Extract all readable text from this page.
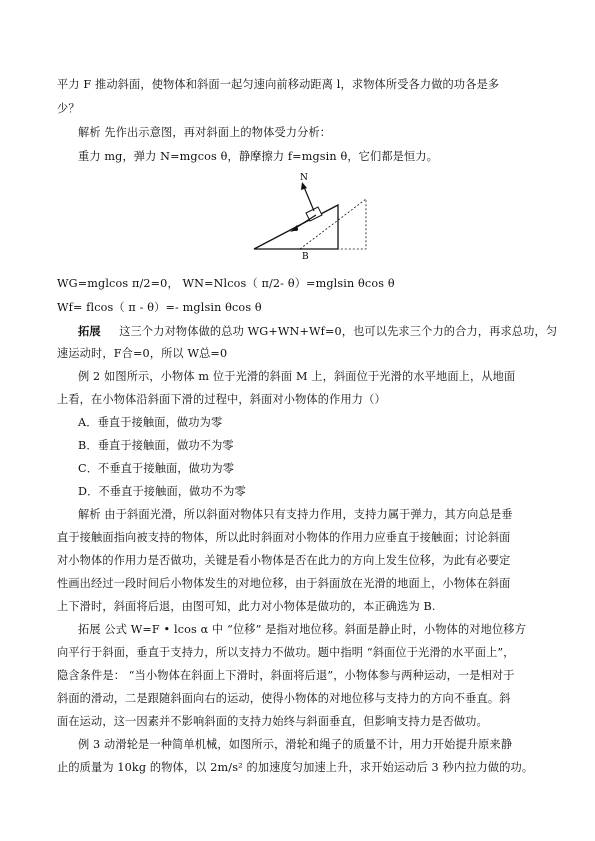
平力 F 推动斜面，使物体和斜面一起匀速向前移动距离 l，求物体所受各力做的功各是多
少？
解析 先作出示意图，再对斜面上的物体受力分析：
重力 mg，弹力 N=mgcos θ，静摩擦力 f=mgsin θ，它们都是恒力。
N
B
WG=mglcos π/2=0， WN=Nlcos（ π/2- θ）=mglsin θcos θ
Wf= flcos（ π - θ）=- mglsin θcos θ
拓展 这三个力对物体做的总功 WG+WN+Wf=0，也可以先求三个力的合力，再求总功，匀
速运动时，F合=0，所以 W总=0
例 2 如图所示，小物体 m 位于光滑的斜面 M 上，斜面位于光滑的水平地面上，从地面
上看，在小物体沿斜面下滑的过程中，斜面对小物体的作用力（）
A．垂直于接触面，做功为零
B．垂直于接触面，做功不为零
C．不垂直于接触面，做功为零
D．不垂直于接触面，做功不为零
解析 由于斜面光滑，所以斜面对物体只有支持力作用，支持力属于弹力，其方向总是垂
直于接触面指向被支持的物体，所以此时斜面对小物体的作用力应垂直于接触面；讨论斜面
对小物体的作用力是否做功，关键是看小物体是否在此力的方向上发生位移，为此有必要定
性画出经过一段时间后小物体发生的对地位移，由于斜面放在光滑的地面上，小物体在斜面
上下滑时，斜面将后退，由图可知，此力对小物体是做功的，本正确选为 B.
拓展 公式 W=F • lcos α 中 “位移” 是指对地位移。斜面是静止时，小物体的对地位移方
向平行于斜面，垂直于支持力，所以支持力不做功。题中指明 “斜面位于光滑的水平面上”，
隐含条件是： “当小物体在斜面上下滑时，斜面将后退”，小物体参与两种运动，一是相对于
斜面的滑动，二是跟随斜面向右的运动，使得小物体的对地位移与支持力的方向不垂直。斜
面在运动，这一因素并不影响斜面的支持力始终与斜面垂直，但影响支持力是否做功。
例 3 动滑轮是一种简单机械，如图所示，滑轮和绳子的质量不计，用力开始提升原来静
止的质量为 10kg 的物体，以 2m/s² 的加速度匀加速上升，求开始运动后 3 秒内拉力做的功。
